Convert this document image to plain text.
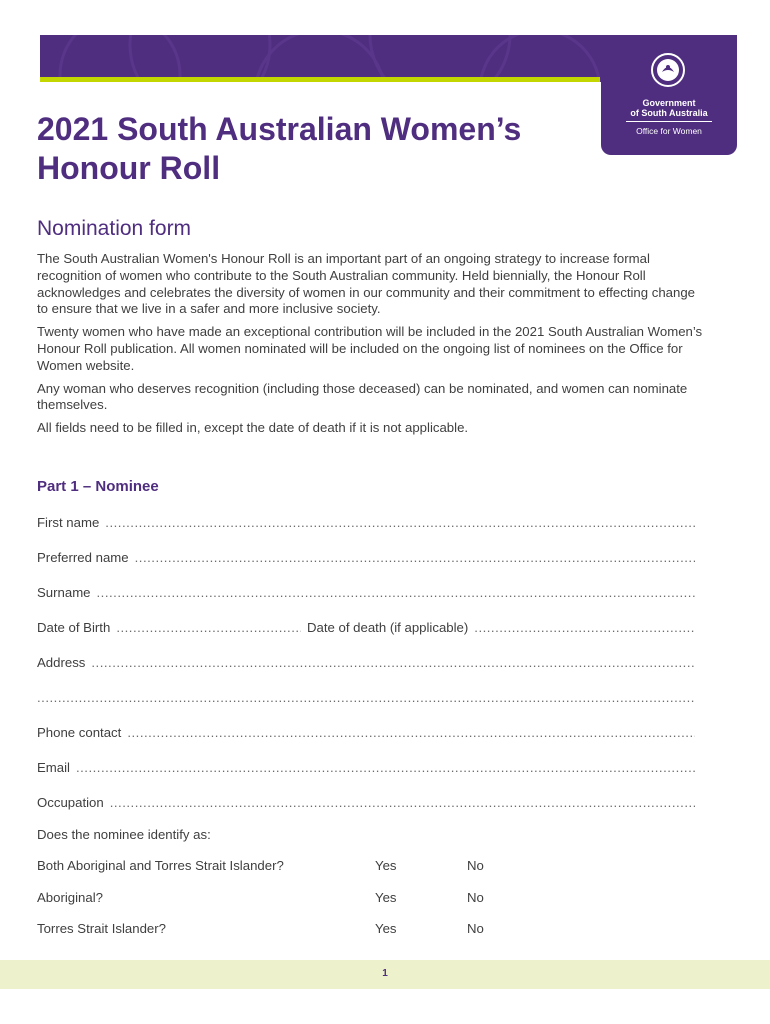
Government
of South Australia
Office for Women
2021 South Australian Women’s Honour Roll
Nomination form

The South Australian Women's Honour Roll is an important part of an ongoing strategy to increase formal recognition of women who contribute to the South Australian community. Held biennially, the Honour Roll acknowledges and celebrates the diversity of women in our community and their commitment to effecting change to ensure that we live in a safer and more inclusive society.

Twenty women who have made an exceptional contribution will be included in the 2021 South Australian Women’s Honour Roll publication. All women nominated will be included on the ongoing list of nominees on the Office for Women website.

Any woman who deserves recognition (including those deceased) can be nominated, and women can nominate themselves.

All fields need to be filled in, except the date of death if it is not applicable.

Part 1 – Nominee
First name
.....
Preferred name
.....
Surname
.....
Date of Birth
.....	Date of death (if applicable)
.....
Address
.....
.....
Phone contact
.....
Email
.....
Occupation
.....
Does the nominee identify as:
Both Aboriginal and Torres Strait Islander?	Yes	No
Aboriginal?	Yes	No
Torres Strait Islander?	Yes	No
1
